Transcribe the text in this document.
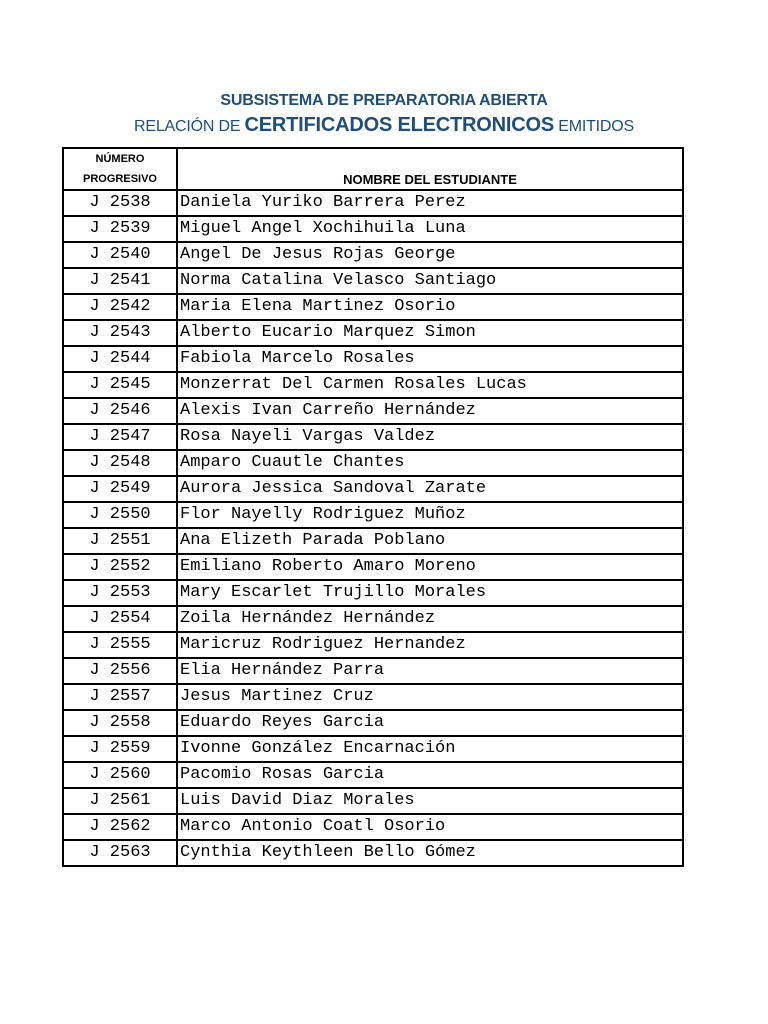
SUBSISTEMA DE PREPARATORIA ABIERTA
RELACIÓN DE CERTIFICADOS ELECTRONICOS EMITIDOS
NÚMERO
PROGRESIVO	NOMBRE DEL ESTUDIANTE
J 2538	Daniela Yuriko Barrera Perez
J 2539	Miguel Angel Xochihuila Luna
J 2540	Angel De Jesus Rojas George
J 2541	Norma Catalina Velasco Santiago
J 2542	Maria Elena Martinez Osorio
J 2543	Alberto Eucario Marquez Simon
J 2544	Fabiola Marcelo Rosales
J 2545	Monzerrat Del Carmen Rosales Lucas
J 2546	Alexis Ivan Carreño Hernández
J 2547	Rosa Nayeli Vargas Valdez
J 2548	Amparo Cuautle Chantes
J 2549	Aurora Jessica Sandoval Zarate
J 2550	Flor Nayelly Rodriguez Muñoz
J 2551	Ana Elizeth Parada Poblano
J 2552	Emiliano Roberto Amaro Moreno
J 2553	Mary Escarlet Trujillo Morales
J 2554	Zoila Hernández Hernández
J 2555	Maricruz Rodriguez Hernandez
J 2556	Elia Hernández Parra
J 2557	Jesus Martinez Cruz
J 2558	Eduardo Reyes Garcia
J 2559	Ivonne González Encarnación
J 2560	Pacomio Rosas Garcia
J 2561	Luis David Diaz Morales
J 2562	Marco Antonio Coatl Osorio
J 2563	Cynthia Keythleen Bello Gómez
